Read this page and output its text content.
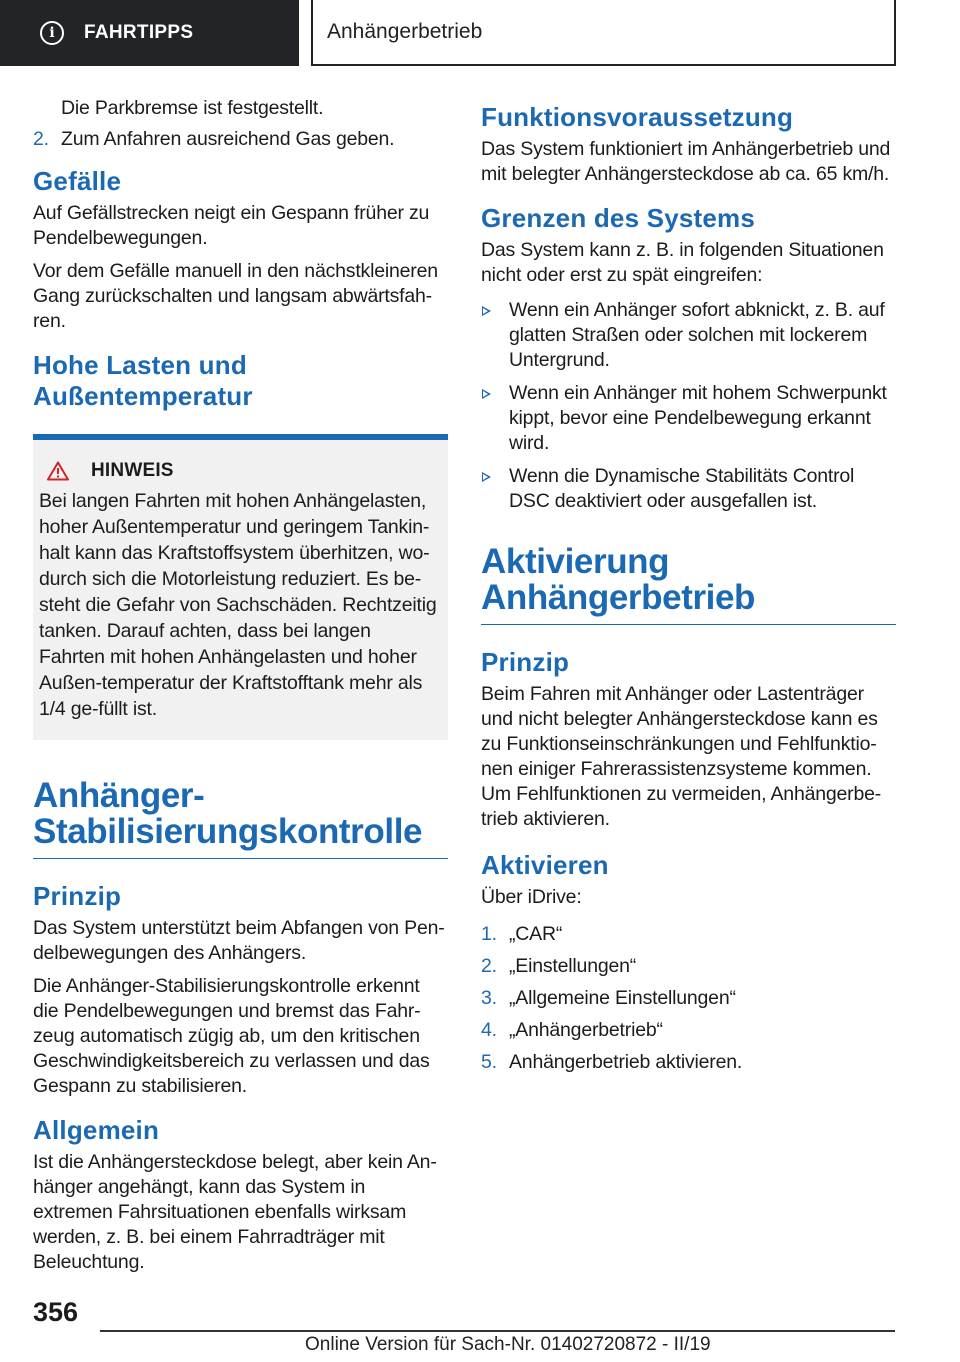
i	FAHRTIPPS	Anhängerbetrieb

Die Parkbremse ist festgestellt.

2. Zum Anfahren ausreichend Gas geben.
Gefälle

Auf Gefällstrecken neigt ein Gespann früher zu Pendelbewegungen.

Vor dem Gefälle manuell in den nächstkleineren Gang zurückschalten und langsam abwärtsfah-ren.

Hohe Lasten und
Außentemperatur
HINWEIS

Bei langen Fahrten mit hohen Anhängelasten, hoher Außentemperatur und geringem Tankin-halt kann das Kraftstoffsystem überhitzen, wo-durch sich die Motorleistung reduziert. Es be-steht die Gefahr von Sachschäden. Rechtzeitig tanken. Darauf achten, dass bei langen Fahrten mit hohen Anhängelasten und hoher Außen-temperatur der Kraftstofftank mehr als 1/4 ge-füllt ist.

Anhänger-
Stabilisierungskontrolle
Prinzip

Das System unterstützt beim Abfangen von Pen-delbewegungen des Anhängers.

Die Anhänger-Stabilisierungskontrolle erkennt die Pendelbewegungen und bremst das Fahr-zeug automatisch zügig ab, um den kritischen Geschwindigkeitsbereich zu verlassen und das Gespann zu stabilisieren.

Allgemein

Ist die Anhängersteckdose belegt, aber kein An-hänger angehängt, kann das System in extremen Fahrsituationen ebenfalls wirksam werden, z. B. bei einem Fahrradträger mit Beleuchtung.

Funktionsvoraussetzung

Das System funktioniert im Anhängerbetrieb und mit belegter Anhängersteckdose ab ca. 65 km/h.

Grenzen des Systems

Das System kann z. B. in folgenden Situationen nicht oder erst zu spät eingreifen:

Wenn ein Anhänger sofort abknickt, z. B. auf glatten Straßen oder solchen mit lockerem Untergrund.
Wenn ein Anhänger mit hohem Schwerpunkt kippt, bevor eine Pendelbewegung erkannt wird.
Wenn die Dynamische Stabilitäts Control DSC deaktiviert oder ausgefallen ist.
Aktivierung
Anhängerbetrieb
Prinzip

Beim Fahren mit Anhänger oder Lastenträger und nicht belegter Anhängersteckdose kann es zu Funktionseinschränkungen und Fehlfunktio-nen einiger Fahrerassistenzsysteme kommen. Um Fehlfunktionen zu vermeiden, Anhängerbe-trieb aktivieren.

Aktivieren

Über iDrive:

1. „CAR“
2. „Einstellungen“
3. „Allgemeine Einstellungen“
4. „Anhängerbetrieb“
5. Anhängerbetrieb aktivieren.
356
Online Version für Sach-Nr. 01402720872 - II/19
